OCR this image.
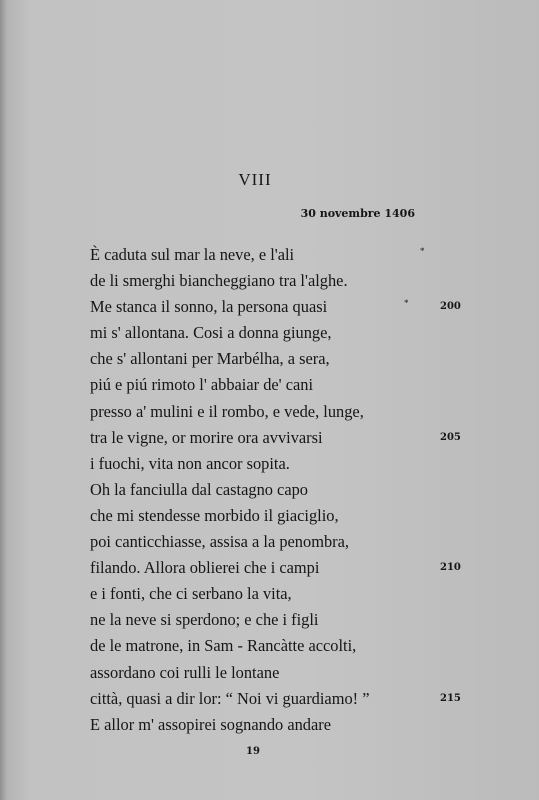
VIII
30 novembre 1406
È caduta sul mar la neve, e l'ali	*
de li smerghi biancheggiano tra l'alghe.
Me stanca il sonno, la persona quasi	*	200
mi s' allontana. Cosi a donna giunge,
che s' allontani per Marbélha, a sera,
piú e piú rimoto l' abbaiar de' cani
presso a' mulini e il rombo, e vede, lunge,
tra le vigne, or morire ora avvivarsi	205
i fuochi, vita non ancor sopita.
Oh la fanciulla dal castagno capo
che mi stendesse morbido il giaciglio,
poi canticchiasse, assisa a la penombra,
filando. Allora oblierei che i campi	210
e i fonti, che ci serbano la vita,
ne la neve si sperdono; e che i figli
de le matrone, in Sam - Rancàtte accolti,
assordano coi rulli le lontane
città, quasi a dir lor: “ Noi vi guardiamo! ”	215
E allor m' assopirei sognando andare
19
